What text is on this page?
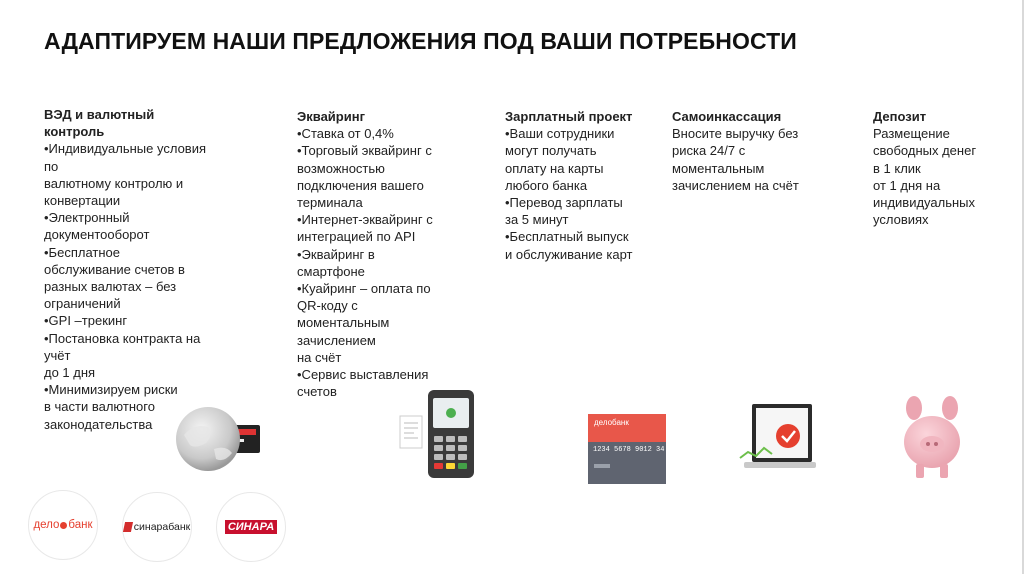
АДАПТИРУЕМ НАШИ ПРЕДЛОЖЕНИЯ ПОД ВАШИ ПОТРЕБНОСТИ
ВЭД и валютный
контроль
•Индивидуальные условия
по
валютному контролю и
конвертации
•Электронный
документооборот
•Бесплатное
обслуживание счетов в
разных валютах – без
ограничений
•GPI –трекинг
•Постановка контракта на
учёт
до 1 дня
•Минимизируем риски
в части валютного
законодательства
Эквайринг
•Ставка от 0,4%
•Торговый эквайринг с
возможностью
подключения вашего
терминала
•Интернет-эквайринг с
интеграцией по API
•Эквайринг в
смартфоне
•Куайринг – оплата по
QR-коду с
моментальным
зачислением
на счёт
•Сервис выставления
счетов
Зарплатный проект
•Ваши сотрудники
могут получать
оплату на карты
любого банка
•Перевод зарплаты
за 5 минут
•Бесплатный выпуск
и обслуживание карт
Самоинкассация
Вносите выручку без
риска 24/7 с
моментальным
зачислением на счёт
Депозит
Размещение
свободных денег
в 1 клик
от 1 дня на
индивидуальных
условиях
делобанк
1234 5678 9012 34
дело банк	синарабанк	СИНАРА
